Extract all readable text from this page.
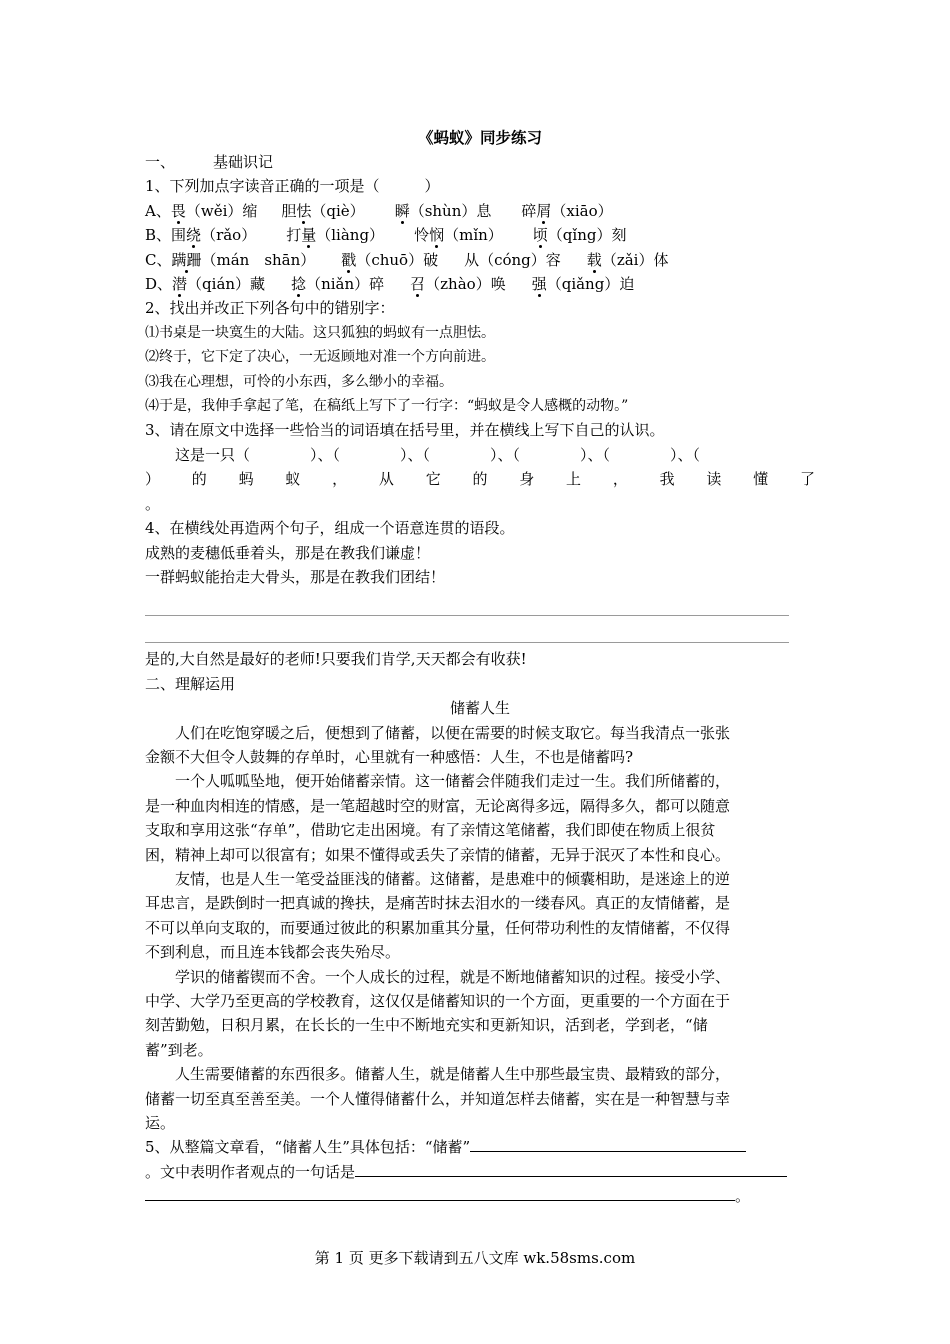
《蚂蚁》同步练习
一、	基础识记
1、下列加点字读音正确的一项是（　　　）
A、畏（wěi）缩 胆怯（qiè） 瞬（shùn）息 碎屑（xiāo）
B、围绕（rǎo） 打量（liàng） 怜悯（mǐn） 顷（qǐng）刻
C、蹒跚（mán　shān） 戳（chuō）破 从（cóng）容 载（zǎi）体
D、潜（qián）藏 捻（niǎn）碎 召（zhào）唤 强（qiǎng）迫
2、找出并改正下列各句中的错别字：
⑴书桌是一块寞生的大陆。这只狐独的蚂蚁有一点胆怯。
⑵终于，它下定了决心，一无返顾地对准一个方向前进。
⑶我在心理想，可怜的小东西，多么缈小的幸福。
⑷于是，我伸手拿起了笔，在稿纸上写下了一行字：“蚂蚁是令人感概的动物。”
3、请在原文中选择一些恰当的词语填在括号里，并在横线上写下自己的认识。
这是一只（　　　　）、（　　　　）、（　　　　）、（　　　　）、（　　　　）、（
） 的 蚂 蚁 ， 从 它 的 身 上 ， 我 读 懂 了
。
4、在横线处再造两个句子，组成一个语意连贯的语段。
成熟的麦穗低垂着头，那是在教我们谦虚！
一群蚂蚁能抬走大骨头，那是在教我们团结！
是的,大自然是最好的老师!只要我们肯学,天天都会有收获!
二、理解运用
储蓄人生
人们在吃饱穿暖之后，便想到了储蓄，以便在需要的时候支取它。每当我清点一张张
金额不大但令人鼓舞的存单时，心里就有一种感悟：人生，不也是储蓄吗?
一个人呱呱坠地，便开始储蓄亲情。这一储蓄会伴随我们走过一生。我们所储蓄的，
是一种血肉相连的情感，是一笔超越时空的财富，无论离得多远，隔得多久，都可以随意
支取和享用这张“存单”，借助它走出困境。有了亲情这笔储蓄，我们即使在物质上很贫
困，精神上却可以很富有；如果不懂得或丢失了亲情的储蓄，无异于泯灭了本性和良心。
友情，也是人生一笔受益匪浅的储蓄。这储蓄，是患难中的倾囊相助，是迷途上的逆
耳忠言，是跌倒时一把真诚的搀扶，是痛苦时抹去泪水的一缕春风。真正的友情储蓄，是
不可以单向支取的，而要通过彼此的积累加重其分量，任何带功利性的友情储蓄，不仅得
不到利息，而且连本钱都会丧失殆尽。
学识的储蓄锲而不舍。一个人成长的过程，就是不断地储蓄知识的过程。接受小学、
中学、大学乃至更高的学校教育，这仅仅是储蓄知识的一个方面，更重要的一个方面在于
刻苦勤勉，日积月累，在长长的一生中不断地充实和更新知识，活到老，学到老，“储
蓄”到老。
人生需要储蓄的东西很多。储蓄人生，就是储蓄人生中那些最宝贵、最精致的部分，
储蓄一切至真至善至美。一个人懂得储蓄什么，并知道怎样去储蓄，实在是一种智慧与幸
运。
5、从整篇文章看，“储蓄人生”具体包括：“储蓄”
。文中表明作者观点的一句话是
。
第 1 页 更多下载请到五八文库 wk.58sms.com
